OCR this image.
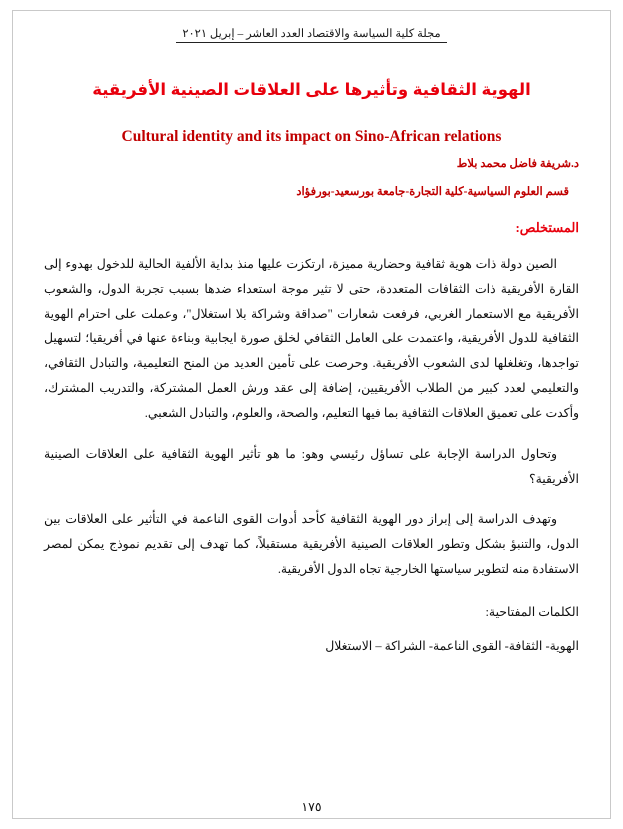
مجلة كلية السياسة والاقتصاد العدد العاشر – إبريل ٢٠٢١
الهوية الثقافية وتأثيرها على العلاقات الصينية الأفريقية
Cultural identity and its impact on Sino-African relations
د.شريفة فاضل محمد بلاط
قسم العلوم السياسية-كلية التجارة-جامعة بورسعيد-بورفؤاد
المستخلص:

الصين دولة ذات هوية ثقافية وحضارية مميزة، ارتكزت عليها منذ بداية الألفية الحالية للدخول بهدوء إلى القارة الأفريقية ذات الثقافات المتعددة، حتى لا تثير موجة استعداء ضدها بسبب تجربة الدول، والشعوب الأفريقية مع الاستعمار الغربي، فرفعت شعارات "صداقة وشراكة بلا استغلال"، وعملت على احترام الهوية الثقافية للدول الأفريقية، واعتمدت على العامل الثقافي لخلق صورة ايجابية وبناءة عنها في أفريقيا؛ لتسهيل تواجدها، وتغلغلها لدى الشعوب الأفريقية. وحرصت على تأمين العديد من المنح التعليمية، والتبادل الثقافي، والتعليمي لعدد كبير من الطلاب الأفريقيين، إضافة إلى عقد ورش العمل المشتركة، والتدريب المشترك، وأكدت على تعميق العلاقات الثقافية بما فيها التعليم، والصحة، والعلوم، والتبادل الشعبي.

وتحاول الدراسة الإجابة على تساؤل رئيسي وهو: ما هو تأثير الهوية الثقافية على العلاقات الصينية الأفريقية؟

وتهدف الدراسة إلى إبراز دور الهوية الثقافية كأحد أدوات القوى الناعمة في التأثير على العلاقات بين الدول، والتنبؤ بشكل وتطور العلاقات الصينية الأفريقية مستقبلاً، كما تهدف إلى تقديم نموذج يمكن لمصر الاستفادة منه لتطوير سياستها الخارجية تجاه الدول الأفريقية.

الكلمات المفتاحية:
الهوية- الثقافة- القوى الناعمة- الشراكة – الاستغلال
١٧٥
